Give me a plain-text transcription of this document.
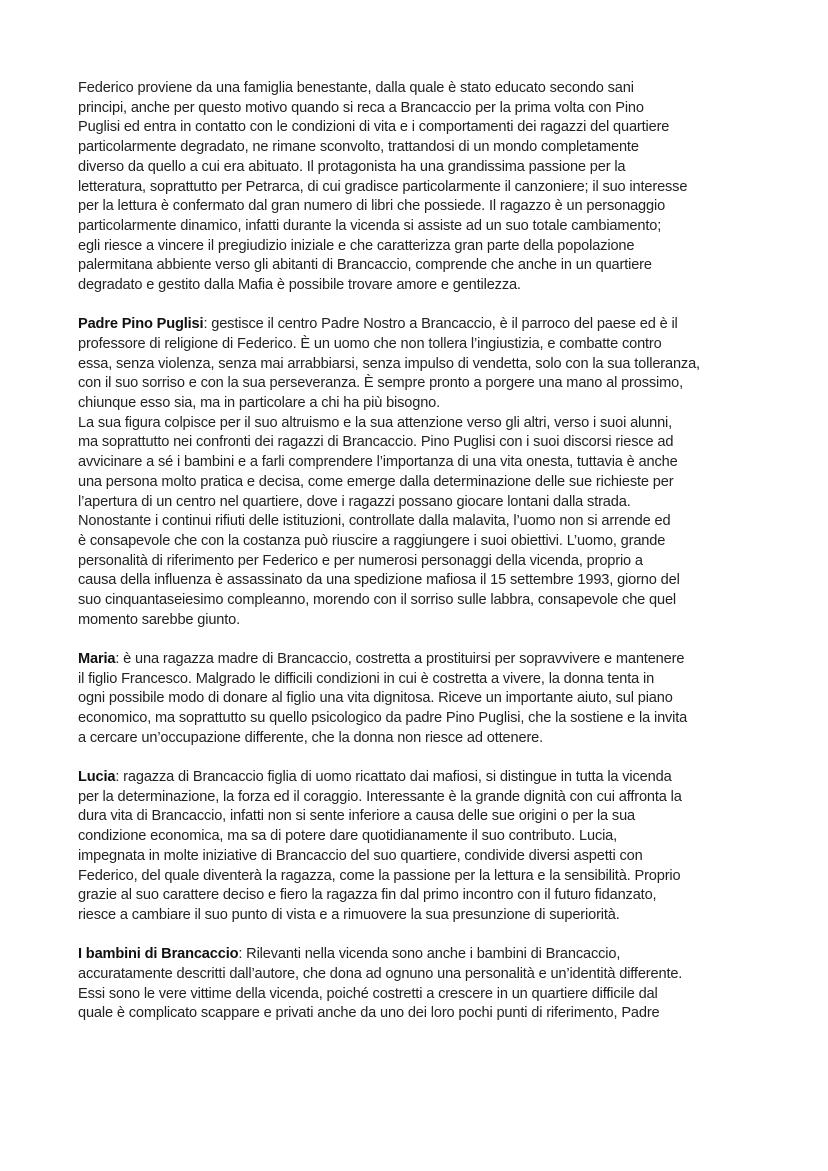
Federico proviene da una famiglia benestante, dalla quale è stato educato secondo sani
principi, anche per questo motivo quando si reca a Brancaccio per la prima volta con Pino
Puglisi ed entra in contatto con le condizioni di vita e i comportamenti dei ragazzi del quartiere
particolarmente degradato, ne rimane sconvolto, trattandosi di un mondo completamente
diverso da quello a cui era abituato. Il protagonista ha una grandissima passione per la
letteratura, soprattutto per Petrarca, di cui gradisce particolarmente il canzoniere; il suo interesse
per la lettura è confermato dal gran numero di libri che possiede. Il ragazzo è un personaggio
particolarmente dinamico, infatti durante la vicenda si assiste ad un suo totale cambiamento;
egli riesce a vincere il pregiudizio iniziale e che caratterizza gran parte della popolazione
palermitana abbiente verso gli abitanti di Brancaccio, comprende che anche in un quartiere
degradato e gestito dalla Mafia è possibile trovare amore e gentilezza.
Padre Pino Puglisi: gestisce il centro Padre Nostro a Brancaccio, è il parroco del paese ed è il
professore di religione di Federico. È un uomo che non tollera l’ingiustizia, e combatte contro
essa, senza violenza, senza mai arrabbiarsi, senza impulso di vendetta, solo con la sua tolleranza,
con il suo sorriso e con la sua perseveranza. È sempre pronto a porgere una mano al prossimo,
chiunque esso sia, ma in particolare a chi ha più bisogno.
La sua figura colpisce per il suo altruismo e la sua attenzione verso gli altri, verso i suoi alunni,
ma soprattutto nei confronti dei ragazzi di Brancaccio. Pino Puglisi con i suoi discorsi riesce ad
avvicinare a sé i bambini e a farli comprendere l’importanza di una vita onesta, tuttavia è anche
una persona molto pratica e decisa, come emerge dalla determinazione delle sue richieste per
l’apertura di un centro nel quartiere, dove i ragazzi possano giocare lontani dalla strada.
Nonostante i continui rifiuti delle istituzioni, controllate dalla malavita, l’uomo non si arrende ed
è consapevole che con la costanza può riuscire a raggiungere i suoi obiettivi. L’uomo, grande
personalità di riferimento per Federico e per numerosi personaggi della vicenda, proprio a
causa della influenza è assassinato da una spedizione mafiosa il 15 settembre 1993, giorno del
suo cinquantaseiesimo compleanno, morendo con il sorriso sulle labbra, consapevole che quel
momento sarebbe giunto.
Maria: è una ragazza madre di Brancaccio, costretta a prostituirsi per sopravvivere e mantenere
il figlio Francesco. Malgrado le difficili condizioni in cui è costretta a vivere, la donna tenta in
ogni possibile modo di donare al figlio una vita dignitosa. Riceve un importante aiuto, sul piano
economico, ma soprattutto su quello psicologico da padre Pino Puglisi, che la sostiene e la invita
a cercare un’occupazione differente, che la donna non riesce ad ottenere.
Lucia: ragazza di Brancaccio figlia di uomo ricattato dai mafiosi, si distingue in tutta la vicenda
per la determinazione, la forza ed il coraggio. Interessante è la grande dignità con cui affronta la
dura vita di Brancaccio, infatti non si sente inferiore a causa delle sue origini o per la sua
condizione economica, ma sa di potere dare quotidianamente il suo contributo. Lucia,
impegnata in molte iniziative di Brancaccio del suo quartiere, condivide diversi aspetti con
Federico, del quale diventerà la ragazza, come la passione per la lettura e la sensibilità. Proprio
grazie al suo carattere deciso e fiero la ragazza fin dal primo incontro con il futuro fidanzato,
riesce a cambiare il suo punto di vista e a rimuovere la sua presunzione di superiorità.
I bambini di Brancaccio: Rilevanti nella vicenda sono anche i bambini di Brancaccio,
accuratamente descritti dall’autore, che dona ad ognuno una personalità e un’identità differente.
Essi sono le vere vittime della vicenda, poiché costretti a crescere in un quartiere difficile dal
quale è complicato scappare e privati anche da uno dei loro pochi punti di riferimento, Padre
